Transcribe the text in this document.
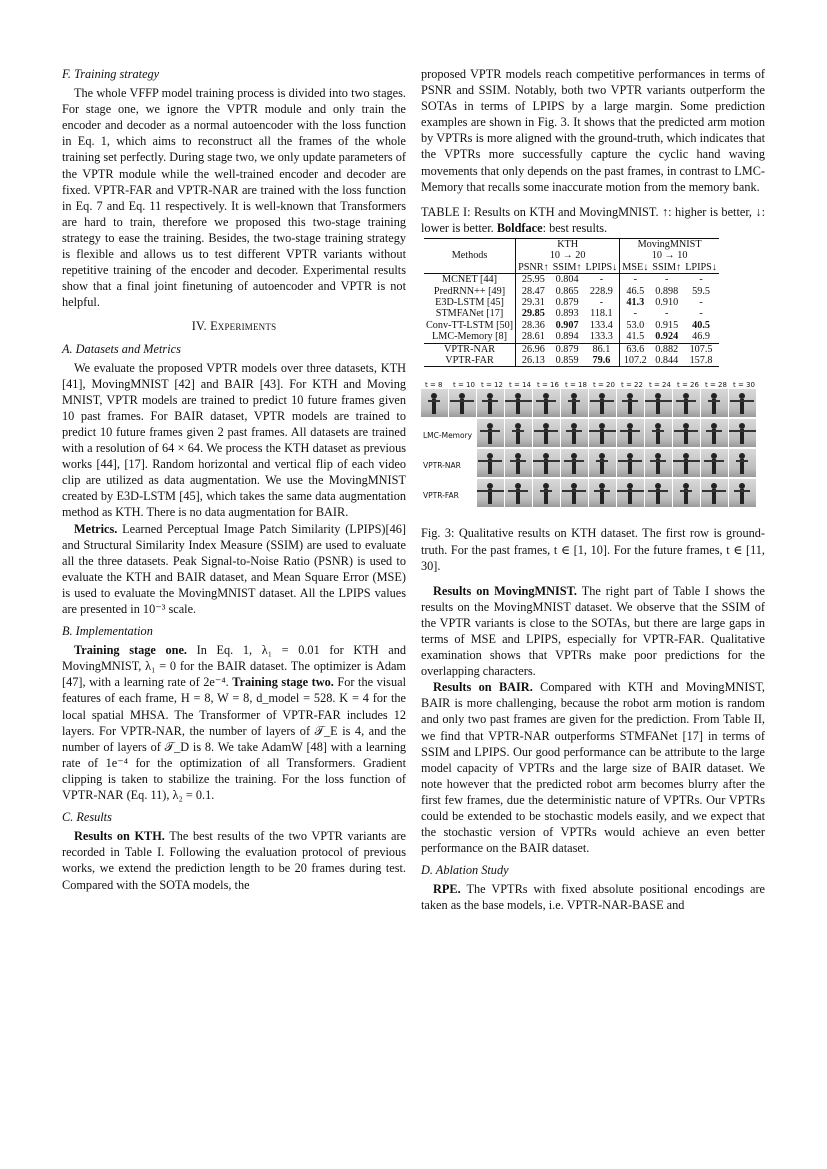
F. Training strategy

The whole VFFP model training process is divided into two stages. For stage one, we ignore the VPTR module and only train the encoder and decoder as a normal autoencoder with the loss function in Eq. 1, which aims to reconstruct all the frames of the whole training set perfectly. During stage two, we only update parameters of the VPTR module while the well-trained encoder and decoder are fixed. VPTR-FAR and VPTR-NAR are trained with the loss function in Eq. 7 and Eq. 11 respectively. It is well-known that Transformers are hard to train, therefore we proposed this two-stage training strategy to ease the training. Besides, the two-stage training strategy is flexible and allows us to test different VPTR variants without repetitive training of the encoder and decoder. Experimental results show that a final joint finetuning of autoencoder and VPTR is not helpful.

IV. Experiments
A. Datasets and Metrics

We evaluate the proposed VPTR models over three datasets, KTH [41], MovingMNIST [42] and BAIR [43]. For KTH and Moving MNIST, VPTR models are trained to predict 10 future frames given 10 past frames. For BAIR dataset, VPTR models are trained to predict 10 future frames given 2 past frames. All datasets are trained with a resolution of 64 × 64. We process the KTH dataset as previous works [44], [17]. Random horizontal and vertical flip of each video clip are utilized as data augmentation. We use the MovingMNIST created by E3D-LSTM [45], which takes the same data augmentation method as KTH. There is no data augmentation for BAIR.

Metrics. Learned Perceptual Image Patch Similarity (LPIPS)[46] and Structural Similarity Index Measure (SSIM) are used to evaluate all the three datasets. Peak Signal-to-Noise Ratio (PSNR) is used to evaluate the KTH and BAIR dataset, and Mean Square Error (MSE) is used to evaluate the MovingMNIST dataset. All the LPIPS values are presented in 10⁻³ scale.

B. Implementation

Training stage one. In Eq. 1, λ₁ = 0.01 for KTH and MovingMNIST, λ₁ = 0 for the BAIR dataset. The optimizer is Adam [47], with a learning rate of 2e⁻⁴. Training stage two. For the visual features of each frame, H = 8, W = 8, d_model = 528. K = 4 for the local spatial MHSA. The Transformer of VPTR-FAR includes 12 layers. For VPTR-NAR, the number of layers of 𝒯_E is 4, and the number of layers of 𝒯_D is 8. We take AdamW [48] with a learning rate of 1e⁻⁴ for the optimization of all Transformers. Gradient clipping is taken to stabilize the training. For the loss function of VPTR-NAR (Eq. 11), λ₂ = 0.1.

C. Results

Results on KTH. The best results of the two VPTR variants are recorded in Table I. Following the evaluation protocol of previous works, we extend the prediction length to be 20 frames during test. Compared with the SOTA models, the

proposed VPTR models reach competitive performances in terms of PSNR and SSIM. Notably, both two VPTR variants outperform the SOTAs in terms of LPIPS by a large margin. Some prediction examples are shown in Fig. 3. It shows that the predicted arm motion by VPTRs is more aligned with the ground-truth, which indicates that the VPTRs more successfully capture the cyclic hand waving movements that only depends on the past frames, in contrast to LMC-Memory that recalls some inaccurate motion from the memory bank.

TABLE I: Results on KTH and MovingMNIST. ↑: higher is better, ↓: lower is better. Boldface: best results.

Methods	KTH			MovingMNIST		
	10 → 20			10 → 10		
	PSNR↑	SSIM↑	LPIPS↓	MSE↓	SSIM↑	LPIPS↓
MCNET [44]	25.95	0.804	-	-	-	-
PredRNN++ [49]	28.47	0.865	228.9	46.5	0.898	59.5
E3D-LSTM [45]	29.31	0.879	-	41.3	0.910	-
STMFANet [17]	29.85	0.893	118.1	-	-	-
Conv-TT-LSTM [50]	28.36	0.907	133.4	53.0	0.915	40.5
LMC-Memory [8]	28.61	0.894	133.3	41.5	0.924	46.9
VPTR-NAR	26.96	0.879	86.1	63.6	0.882	107.5
VPTR-FAR	26.13	0.859	79.6	107.2	0.844	157.8
t = 8 t = 10 t = 12 t = 14 t = 16 t = 18 t = 20 t = 22 t = 24 t = 26 t = 28 t = 30
LMC-Memory
VPTR-NAR
VPTR-FAR

Fig. 3: Qualitative results on KTH dataset. The first row is ground-truth. For the past frames, t ∈ [1, 10]. For the future frames, t ∈ [11, 30].

Results on MovingMNIST. The right part of Table I shows the results on the MovingMNIST dataset. We observe that the SSIM of the VPTR variants is close to the SOTAs, but there are large gaps in terms of MSE and LPIPS, especially for VPTR-FAR. Qualitative examination shows that VPTRs make poor predictions for the overlapping characters.

Results on BAIR. Compared with KTH and MovingMNIST, BAIR is more challenging, because the robot arm motion is random and only two past frames are given for the prediction. From Table II, we find that VPTR-NAR outperforms STMFANet [17] in terms of SSIM and LPIPS. Our good performance can be attribute to the large model capacity of VPTRs and the large size of BAIR dataset. We note however that the predicted robot arm becomes blurry after the first few frames, due the deterministic nature of VPTRs. Our VPTRs could be extended to be stochastic models easily, and we expect that the stochastic version of VPTRs would achieve an even better performance on the BAIR dataset.

D. Ablation Study

RPE. The VPTRs with fixed absolute positional encodings are taken as the base models, i.e. VPTR-NAR-BASE and
